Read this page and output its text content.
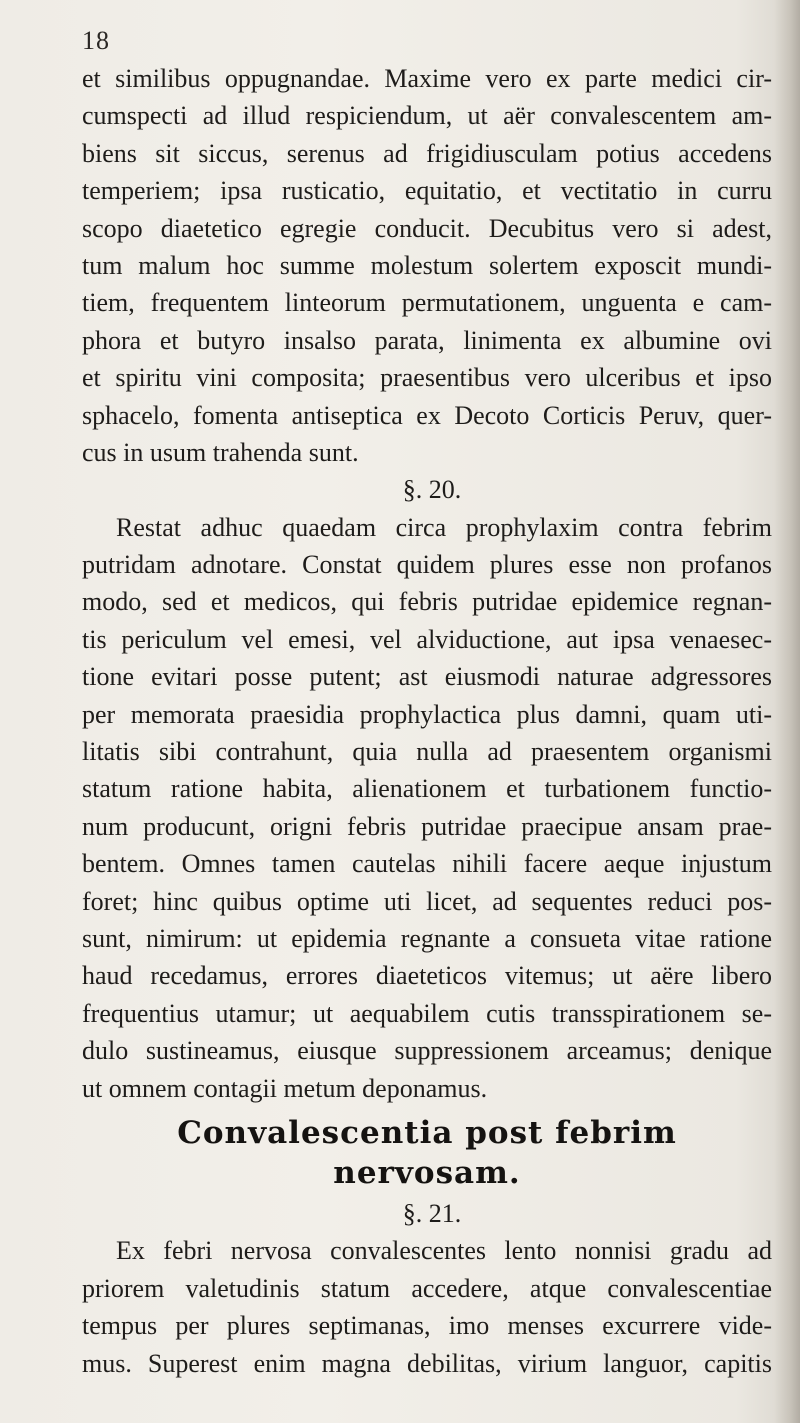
18
et similibus oppugnandae. Maxime vero ex parte medici cir-
cumspecti ad illud respiciendum, ut aër convalescentem am-
biens sit siccus, serenus ad frigidiusculam potius accedens
temperiem; ipsa rusticatio, equitatio, et vectitatio in curru
scopo diaetetico egregie conducit. Decubitus vero si adest,
tum malum hoc summe molestum solertem exposcit mundi-
tiem, frequentem linteorum permutationem, unguenta e cam-
phora et butyro insalso parata, linimenta ex albumine ovi
et spiritu vini composita; praesentibus vero ulceribus et ipso
sphacelo, fomenta antiseptica ex Decoto Corticis Peruv, quer-
cus in usum trahenda sunt.
§. 20.
Restat adhuc quaedam circa prophylaxim contra febrim
putridam adnotare. Constat quidem plures esse non profanos
modo, sed et medicos, qui febris putridae epidemice regnan-
tis periculum vel emesi, vel alviductione, aut ipsa venaesec-
tione evitari posse putent; ast eiusmodi naturae adgressores
per memorata praesidia prophylactica plus damni, quam uti-
litatis sibi contrahunt, quia nulla ad praesentem organismi
statum ratione habita, alienationem et turbationem functio-
num producunt, origni febris putridae praecipue ansam prae-
bentem. Omnes tamen cautelas nihili facere aeque injustum
foret; hinc quibus optime uti licet, ad sequentes reduci pos-
sunt, nimirum: ut epidemia regnante a consueta vitae ratione
haud recedamus, errores diaeteticos vitemus; ut aëre libero
frequentius utamur; ut aequabilem cutis transspirationem se-
dulo sustineamus, eiusque suppressionem arceamus; denique
ut omnem contagii metum deponamus.
Convalescentia post febrim
nervosam.
§. 21.
Ex febri nervosa convalescentes lento nonnisi gradu ad
priorem valetudinis statum accedere, atque convalescentiae
tempus per plures septimanas, imo menses excurrere vide-
mus. Superest enim magna debilitas, virium languor, capitis
